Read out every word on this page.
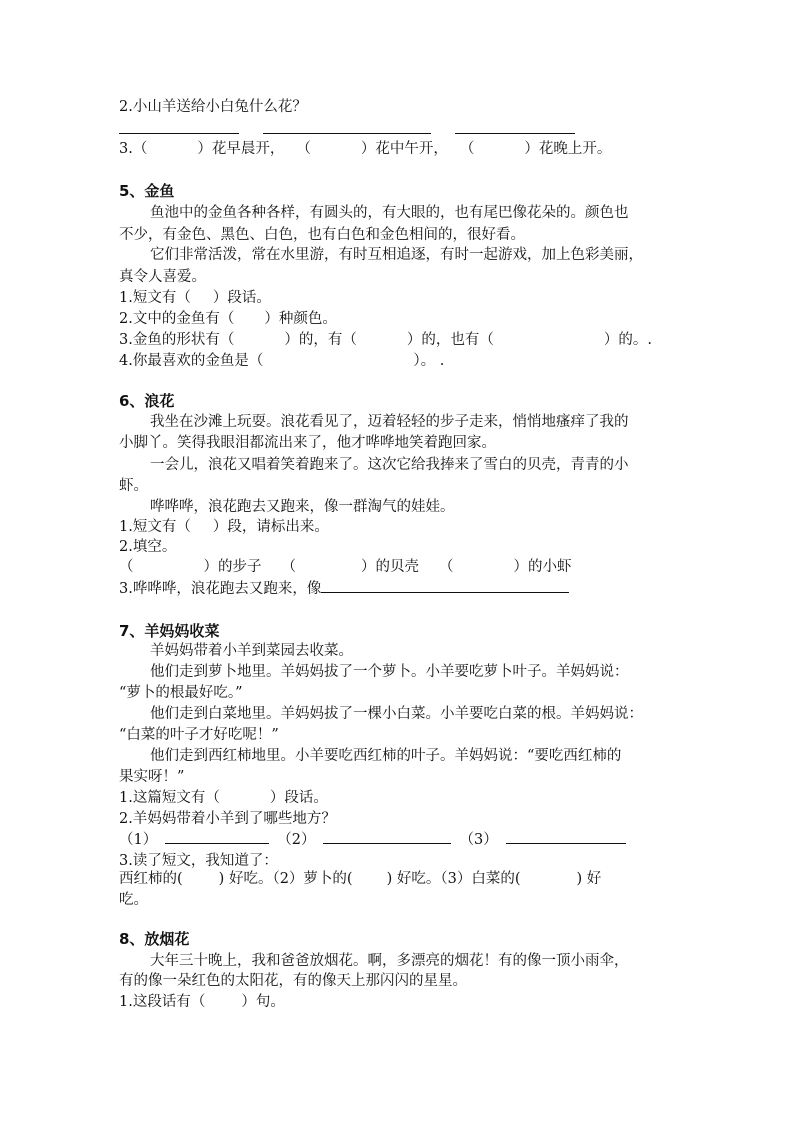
2.小山羊送给小白兔什么花？
3.（	）花早晨开， （	）花中午开， （	）花晚上开。
5、金鱼
鱼池中的金鱼各种各样，有圆头的，有大眼的，也有尾巴像花朵的。颜色也
不少，有金色、黑色、白色，也有白色和金色相间的，很好看。
它们非常活泼，常在水里游，有时互相追逐，有时一起游戏，加上色彩美丽，
真令人喜爱。
1.短文有（ ）段话。
2.文中的金鱼有（ ）种颜色。
3.金鱼的形状有（	）的，有（	）的，也有（	）的。.
4.你最喜欢的金鱼是（	）。 .
6、浪花
我坐在沙滩上玩耍。浪花看见了，迈着轻轻的步子走来，悄悄地瘙痒了我的
小脚丫。笑得我眼泪都流出来了，他才哗哗地笑着跑回家。
一会儿，浪花又唱着笑着跑来了。这次它给我捧来了雪白的贝壳，青青的小
虾。
哗哗哗，浪花跑去又跑来，像一群淘气的娃娃。
1.短文有（ ）段，请标出来。
2.填空。
（	）的步子 （	）的贝壳 （	）的小虾
3.哗哗哗，浪花跑去又跑来，像
7、羊妈妈收菜
羊妈妈带着小羊到菜园去收菜。
他们走到萝卜地里。羊妈妈拔了一个萝卜。小羊要吃萝卜叶子。羊妈妈说：
“萝卜的根最好吃。”
他们走到白菜地里。羊妈妈拔了一棵小白菜。小羊要吃白菜的根。羊妈妈说：
“白菜的叶子才好吃呢！”
他们走到西红柿地里。小羊要吃西红柿的叶子。羊妈妈说：“要吃西红柿的
果实呀！”
1.这篇短文有（	）段话。
2.羊妈妈带着小羊到了哪些地方？
（1）	（2）	（3）
3.读了短文，我知道了：
西红柿的( ) 好吃。（2）萝卜的( ) 好吃。（3）白菜的(	) 好
吃。
8、放烟花
大年三十晚上，我和爸爸放烟花。啊，多漂亮的烟花！有的像一顶小雨伞，
有的像一朵红色的太阳花，有的像天上那闪闪的星星。
1.这段话有（ ）句。
